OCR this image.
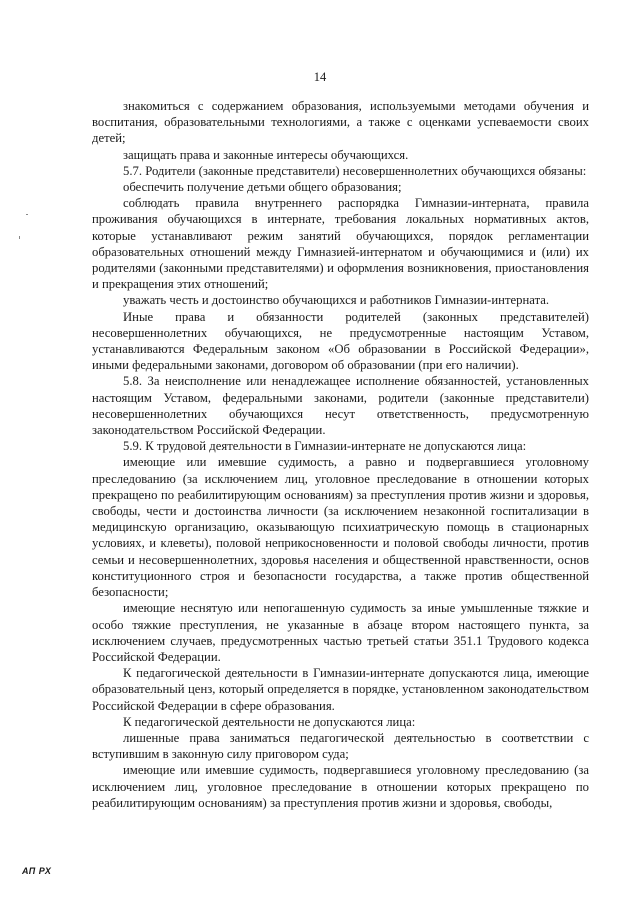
14

знакомиться с содержанием образования, используемыми методами обучения и воспитания, образовательными технологиями, а также с оценками успеваемости своих детей;

защищать права и законные интересы обучающихся.

5.7. Родители (законные представители) несовершеннолетних обучающихся обязаны:

обеспечить получение детьми общего образования;

соблюдать правила внутреннего распорядка Гимназии-интерната, правила проживания обучающихся в интернате, требования локальных нормативных актов, которые устанавливают режим занятий обучающихся, порядок регламентации образовательных отношений между Гимназией-интернатом и обучающимися и (или) их родителями (законными представителями) и оформления возникновения, приостановления и прекращения этих отношений;

уважать честь и достоинство обучающихся и работников Гимназии-интерната.

Иные права и обязанности родителей (законных представителей) несовершеннолетних обучающихся, не предусмотренные настоящим Уставом, устанавливаются Федеральным законом «Об образовании в Российской Федерации», иными федеральными законами, договором об образовании (при его наличии).

5.8. За неисполнение или ненадлежащее исполнение обязанностей, установленных настоящим Уставом, федеральными законами, родители (законные представители) несовершеннолетних обучающихся несут ответственность, предусмотренную законодательством Российской Федерации.

5.9. К трудовой деятельности в Гимназии-интернате не допускаются лица:

имеющие или имевшие судимость, а равно и подвергавшиеся уголовному преследованию (за исключением лиц, уголовное преследование в отношении которых прекращено по реабилитирующим основаниям) за преступления против жизни и здоровья, свободы, чести и достоинства личности (за исключением незаконной госпитализации в медицинскую организацию, оказывающую психиатрическую помощь в стационарных условиях, и клеветы), половой неприкосновенности и половой свободы личности, против семьи и несовершеннолетних, здоровья населения и общественной нравственности, основ конституционного строя и безопасности государства, а также против общественной безопасности;

имеющие неснятую или непогашенную судимость за иные умышленные тяжкие и особо тяжкие преступления, не указанные в абзаце втором настоящего пункта, за исключением случаев, предусмотренных частью третьей статьи 351.1 Трудового кодекса Российской Федерации.

К педагогической деятельности в Гимназии-интернате допускаются лица, имеющие образовательный ценз, который определяется в порядке, установленном законодательством Российской Федерации в сфере образования.

К педагогической деятельности не допускаются лица:

лишенные права заниматься педагогической деятельностью в соответствии с вступившим в законную силу приговором суда;

имеющие или имевшие судимость, подвергавшиеся уголовному преследованию (за исключением лиц, уголовное преследование в отношении которых прекращено по реабилитирующим основаниям) за преступления против жизни и здоровья, свободы,

АП РХ
